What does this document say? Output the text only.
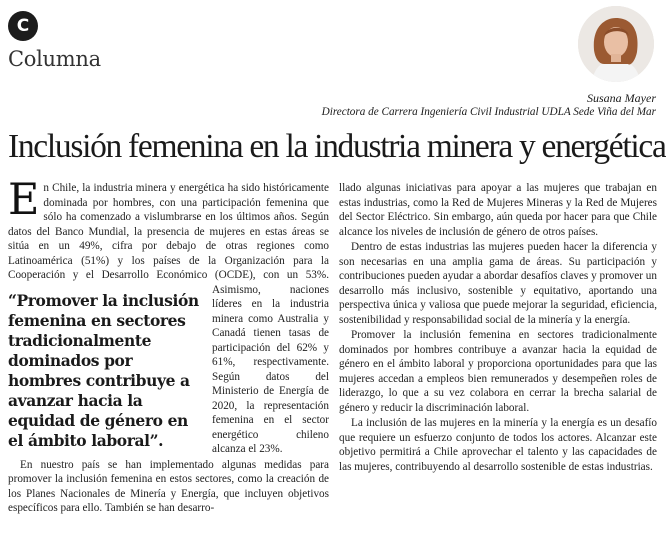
C
Columna
Susana Mayer
Directora de Carrera Ingeniería Civil Industrial UDLA Sede Viña del Mar
Inclusión femenina en la industria minera y energética

E n Chile, la industria minera y energética ha sido históricamente dominada por hombres, con una participación femenina que sólo ha comenzado a vislumbrarse en los últimos años. Según datos del Banco Mundial, la presencia de mujeres en estas áreas se sitúa en un 49%, cifra por debajo de otras regiones como Latinoamérica (51%) y los países de la Organización para la Cooperación y el Desarrollo Económico (OCDE),
“Promover la inclusión femenina en sectores tradicionalmente dominados por hombres contribuye a avanzar hacia la equidad de género en el ámbito laboral”.
con un 53%. Asimismo, naciones líderes en la industria minera como Australia y Canadá tienen tasas de participación del 62% y 61%, respectivamente. Según datos del Ministerio de Energía de 2020, la representación femenina en el sector energético chileno alcanza el 23%.

En nuestro país se han implementado algunas medidas para promover la inclusión femenina en estos sectores, como la creación de los Planes Nacionales de Minería y Energía, que incluyen objetivos específicos para ello. También se han desarro-

llado algunas iniciativas para apoyar a las mujeres que trabajan en estas industrias, como la Red de Mujeres Mineras y la Red de Mujeres del Sector Eléctrico. Sin embargo, aún queda por hacer para que Chile alcance los niveles de inclusión de género de otros países.

Dentro de estas industrias las mujeres pueden hacer la diferencia y son necesarias en una amplia gama de áreas. Su participación y contribuciones pueden ayudar a abordar desafíos claves y promover un desarrollo más inclusivo, sostenible y equitativo, aportando una perspectiva única y valiosa que puede mejorar la seguridad, eficiencia, sostenibilidad y responsabilidad social de la minería y la energía.

Promover la inclusión femenina en sectores tradicionalmente dominados por hombres contribuye a avanzar hacia la equidad de género en el ámbito laboral y proporciona oportunidades para que las mujeres accedan a empleos bien remunerados y desempeñen roles de liderazgo, lo que a su vez colabora en cerrar la brecha salarial de género y reducir la discriminación laboral.

La inclusión de las mujeres en la minería y la energía es un desafío que requiere un esfuerzo conjunto de todos los actores. Alcanzar este objetivo permitirá a Chile aprovechar el talento y las capacidades de las mujeres, contribuyendo al desarrollo sostenible de estas industrias.
